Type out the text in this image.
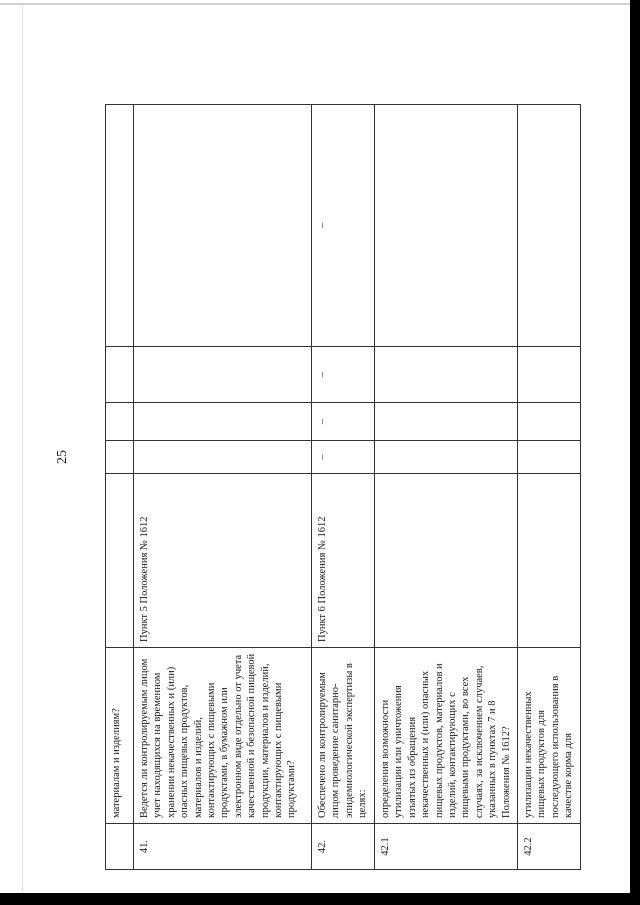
25
	материалам и изделиям?					
41.	Ведется ли контролируемым лицом учет находящихся на временном хранении некачественных и (или) опасных пищевых продуктов, материалов и изделий, контактирующих с пищевыми продуктами, в бумажном или электронном виде отдельно от учета качественной и безопасной пищевой продукции, материалов и изделий, контактирующих с пищевыми продуктами?	Пункт 5 Положения № 1612				
42.	Обеспечено ли контролируемым лицом проведение санитарно-эпидемиологической экспертизы в целях:	Пункт 6 Положения № 1612	–	–	–	–
42.1	определения возможности утилизации или уничтожения изъятых из обращения некачественных и (или) опасных пищевых продуктов, материалов и изделий, контактирующих с пищевыми продуктами, во всех случаях, за исключением случаев, указанных в пунктах 7 и 8 Положения № 1612?					
42.2	утилизации некачественных пищевых продуктов для последующего использования в качестве корма для					
